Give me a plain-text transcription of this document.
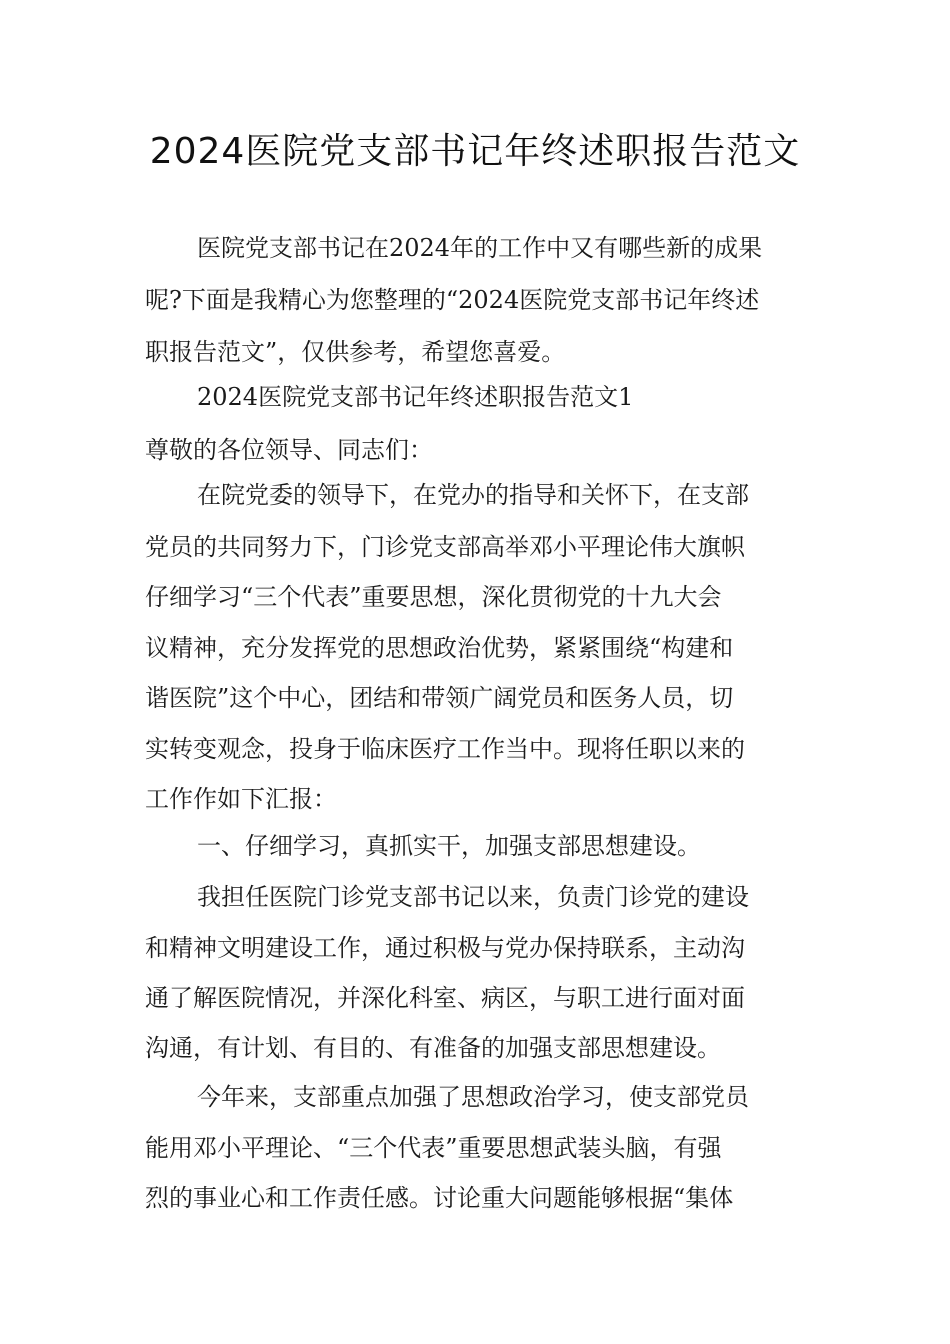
2024医院党支部书记年终述职报告范文
医院党支部书记在2024年的工作中又有哪些新的成果
呢?下面是我精心为您整理的“2024医院党支部书记年终述
职报告范文”，仅供参考，希望您喜爱。
2024医院党支部书记年终述职报告范文1
尊敬的各位领导、同志们：
在院党委的领导下，在党办的指导和关怀下，在支部
党员的共同努力下，门诊党支部高举邓小平理论伟大旗帜
仔细学习“三个代表”重要思想，深化贯彻党的十九大会
议精神，充分发挥党的思想政治优势，紧紧围绕“构建和
谐医院”这个中心，团结和带领广阔党员和医务人员，切
实转变观念，投身于临床医疗工作当中。现将任职以来的
工作作如下汇报：
一、仔细学习，真抓实干，加强支部思想建设。
我担任医院门诊党支部书记以来，负责门诊党的建设
和精神文明建设工作，通过积极与党办保持联系，主动沟
通了解医院情况，并深化科室、病区，与职工进行面对面
沟通，有计划、有目的、有准备的加强支部思想建设。
今年来，支部重点加强了思想政治学习，使支部党员
能用邓小平理论、“三个代表”重要思想武装头脑，有强
烈的事业心和工作责任感。讨论重大问题能够根据“集体
